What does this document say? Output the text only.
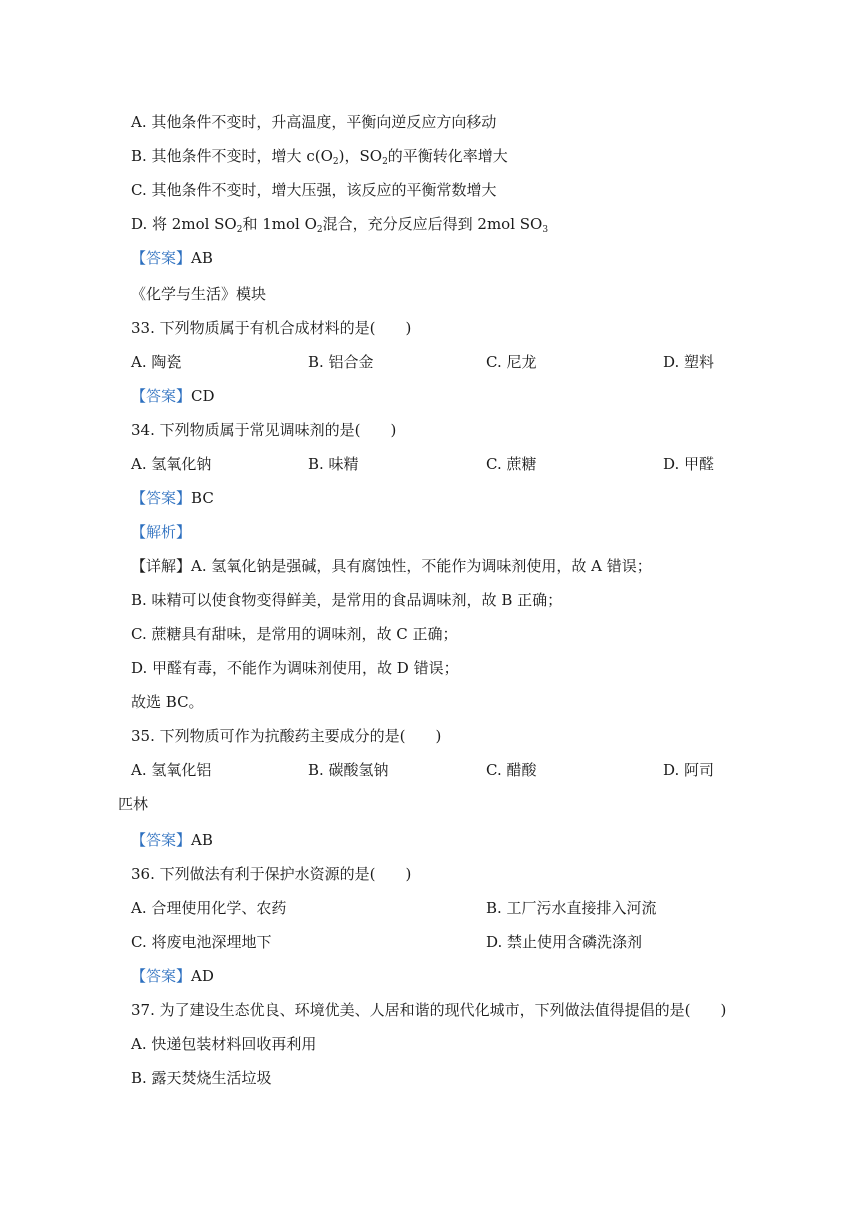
A. 其他条件不变时，升高温度，平衡向逆反应方向移动
B. 其他条件不变时，增大 $c(O_2)$，$SO_2$的平衡转化率增大
C. 其他条件不变时，增大压强，该反应的平衡常数增大
D. 将 2mol $SO_2$和 1mol $O_2$混合，充分反应后得到 2mol $SO_3$
【答案】AB
《化学与生活》模块
33. 下列物质属于有机合成材料的是(　　)
A. 陶瓷	B. 铝合金	C. 尼龙	D. 塑料
【答案】CD
34. 下列物质属于常见调味剂的是(　　)
A. 氢氧化钠	B. 味精	C. 蔗糖	D. 甲醛
【答案】BC
【解析】
【详解】A. 氢氧化钠是强碱，具有腐蚀性，不能作为调味剂使用，故 A 错误；
B. 味精可以使食物变得鲜美，是常用的食品调味剂，故 B 正确；
C. 蔗糖具有甜味，是常用的调味剂，故 C 正确；
D. 甲醛有毒，不能作为调味剂使用，故 D 错误；
故选 BC。
35. 下列物质可作为抗酸药主要成分的是(　　)
A. 氢氧化铝	B. 碳酸氢钠	C. 醋酸	D. 阿司
匹林
【答案】AB
36. 下列做法有利于保护水资源的是(　　)
A. 合理使用化学、农药	B. 工厂污水直接排入河流
C. 将废电池深埋地下	D. 禁止使用含磷洗涤剂
【答案】AD
37. 为了建设生态优良、环境优美、人居和谐的现代化城市，下列做法值得提倡的是(　　)
A. 快递包装材料回收再利用
B. 露天焚烧生活垃圾
